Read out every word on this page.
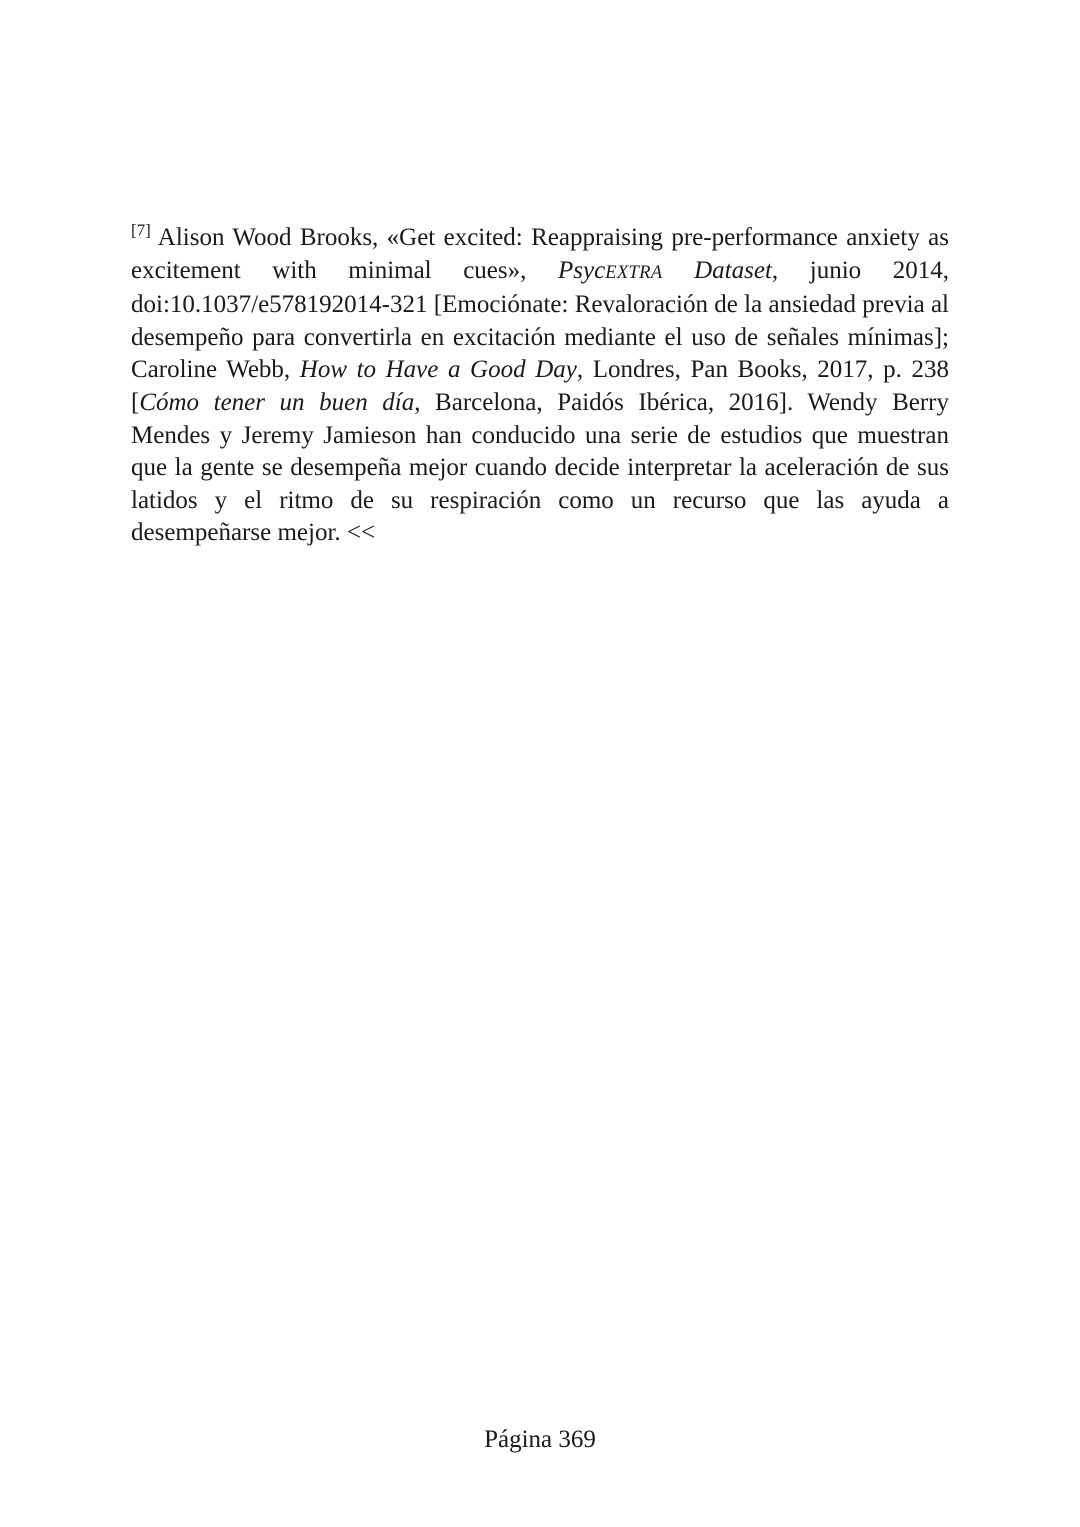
[7] Alison Wood Brooks, «Get excited: Reappraising pre-performance anxiety as excitement with minimal cues», PsycEXTRA Dataset, junio 2014, doi:10.1037/e578192014-321 [Emociónate: Revaloración de la ansiedad previa al desempeño para convertirla en excitación mediante el uso de señales mínimas]; Caroline Webb, How to Have a Good Day, Londres, Pan Books, 2017, p. 238 [Cómo tener un buen día, Barcelona, Paidós Ibérica, 2016]. Wendy Berry Mendes y Jeremy Jamieson han conducido una serie de estudios que muestran que la gente se desempeña mejor cuando decide interpretar la aceleración de sus latidos y el ritmo de su respiración como un recurso que las ayuda a desempeñarse mejor. <<

Página 369
